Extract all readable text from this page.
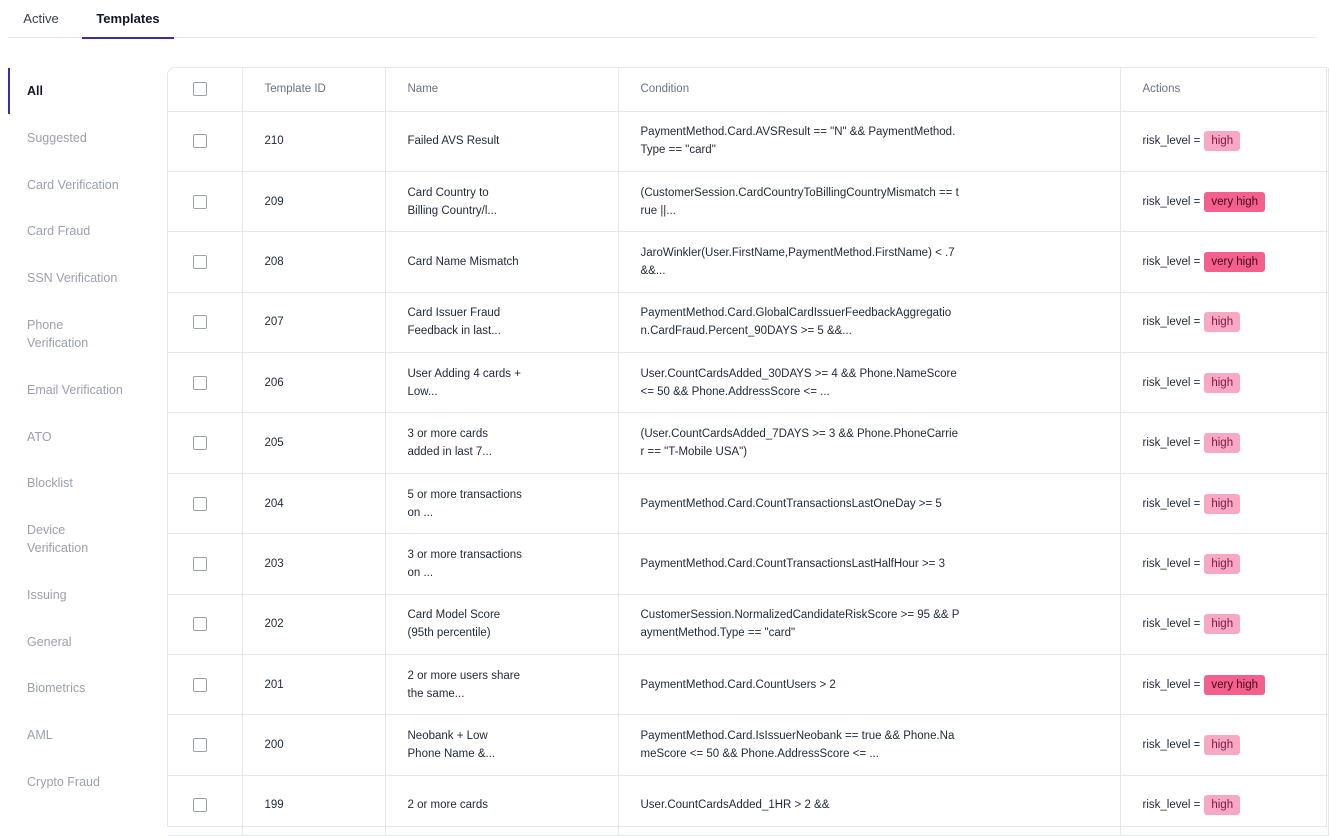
Active	Templates
All
Suggested
Card Verification
Card Fraud
SSN Verification
Phone Verification
Email Verification
ATO
Blocklist
Device Verification
Issuing
General
Biometrics
AML
Crypto Fraud
	Template ID	Name	Condition	Actions

	210	Failed AVS Result	PaymentMethod.Card.AVSResult == "N" && PaymentMethod.Type == "card"	risk_level = high

	209	Card Country to Billing Country/l...	(CustomerSession.CardCountryToBillingCountryMismatch == true ||...	risk_level = very high

	208	Card Name Mismatch	JaroWinkler(User.FirstName,PaymentMethod.FirstName) < .7 &&...	risk_level = very high

	207	Card Issuer Fraud Feedback in last...	PaymentMethod.Card.GlobalCardIssuerFeedbackAggregation.CardFraud.Percent_90DAYS >= 5 &&...	risk_level = high

	206	User Adding 4 cards + Low...	User.CountCardsAdded_30DAYS >= 4 && Phone.NameScore <= 50 && Phone.AddressScore <= ...	risk_level = high

	205	3 or more cards added in last 7...	(User.CountCardsAdded_7DAYS >= 3 && Phone.PhoneCarrier == "T-Mobile USA")	risk_level = high

	204	5 or more transactions on ...	PaymentMethod.Card.CountTransactionsLastOneDay >= 5	risk_level = high

	203	3 or more transactions on ...	PaymentMethod.Card.CountTransactionsLastHalfHour >= 3	risk_level = high

	202	Card Model Score (95th percentile)	CustomerSession.NormalizedCandidateRiskScore >= 95 && PaymentMethod.Type == "card"	risk_level = high

	201	2 or more users share the same...	PaymentMethod.Card.CountUsers > 2	risk_level = very high

	200	Neobank + Low Phone Name &...	PaymentMethod.Card.IsIssuerNeobank == true && Phone.NameScore <= 50 && Phone.AddressScore <= ...	risk_level = high

	199	2 or more cards	User.CountCardsAdded_1HR > 2 &&	risk_level = high
